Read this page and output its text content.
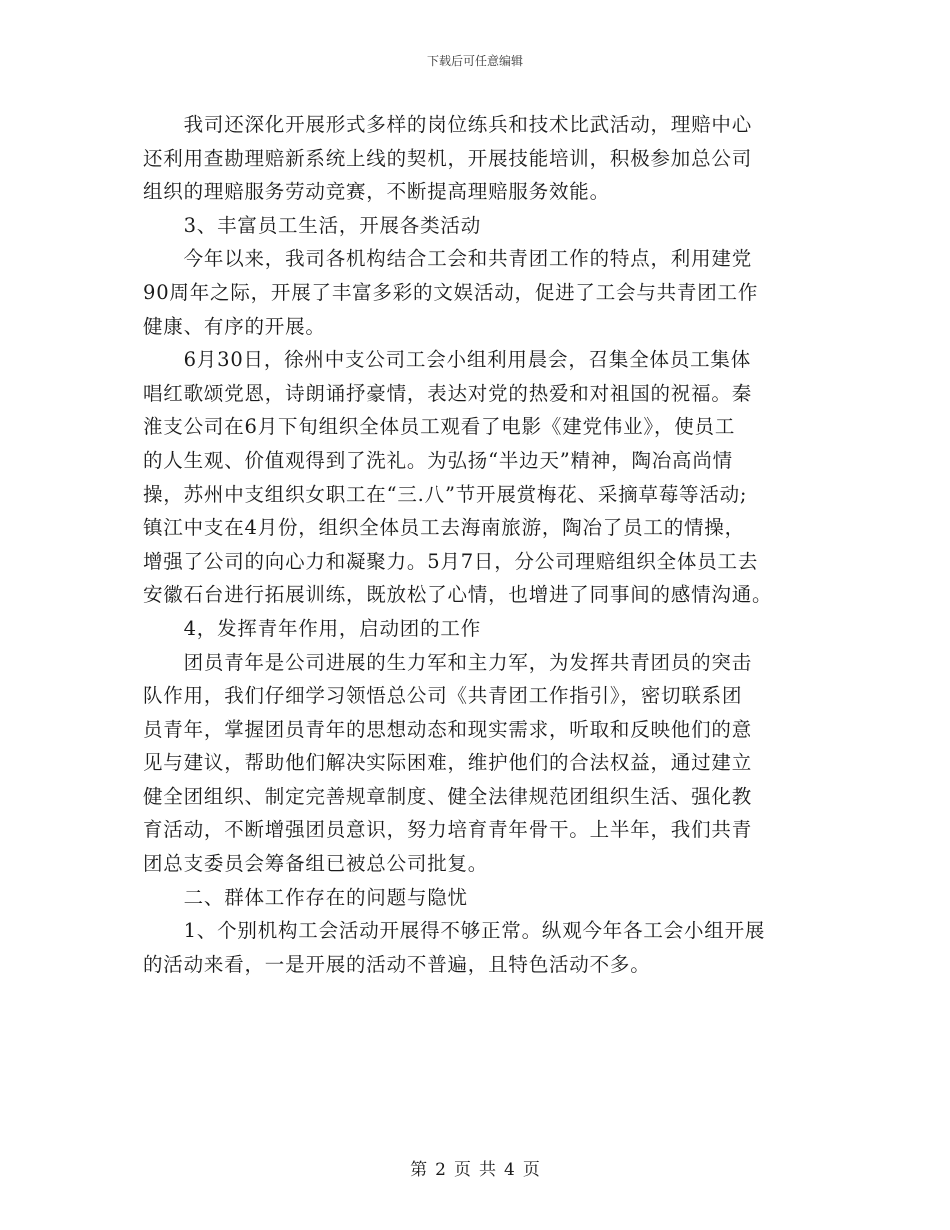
下载后可任意编辑
　　我司还深化开展形式多样的岗位练兵和技术比武活动，理赔中心
还利用查勘理赔新系统上线的契机，开展技能培训，积极参加总公司
组织的理赔服务劳动竞赛，不断提高理赔服务效能。
　　3、丰富员工生活，开展各类活动
　　今年以来，我司各机构结合工会和共青团工作的特点，利用建党
90周年之际，开展了丰富多彩的文娱活动，促进了工会与共青团工作
健康、有序的开展。
　　6月30日，徐州中支公司工会小组利用晨会，召集全体员工集体
唱红歌颂党恩，诗朗诵抒豪情，表达对党的热爱和对祖国的祝福。秦
淮支公司在6月下旬组织全体员工观看了电影《建党伟业》，使员工
的人生观、价值观得到了洗礼。为弘扬“半边天”精神，陶冶高尚情
操，苏州中支组织女职工在“三.八”节开展赏梅花、采摘草莓等活动;
镇江中支在4月份，组织全体员工去海南旅游，陶冶了员工的情操，
增强了公司的向心力和凝聚力。5月7日，分公司理赔组织全体员工去
安徽石台进行拓展训练，既放松了心情，也增进了同事间的感情沟通。
　　4，发挥青年作用，启动团的工作
　　团员青年是公司进展的生力军和主力军，为发挥共青团员的突击
队作用，我们仔细学习领悟总公司《共青团工作指引》，密切联系团
员青年，掌握团员青年的思想动态和现实需求，听取和反映他们的意
见与建议，帮助他们解决实际困难，维护他们的合法权益，通过建立
健全团组织、制定完善规章制度、健全法律规范团组织生活、强化教
育活动，不断增强团员意识，努力培育青年骨干。上半年，我们共青
团总支委员会筹备组已被总公司批复。
　　二、群体工作存在的问题与隐忧
　　1、个别机构工会活动开展得不够正常。纵观今年各工会小组开展
的活动来看，一是开展的活动不普遍，且特色活动不多。
第 2 页 共 4 页
